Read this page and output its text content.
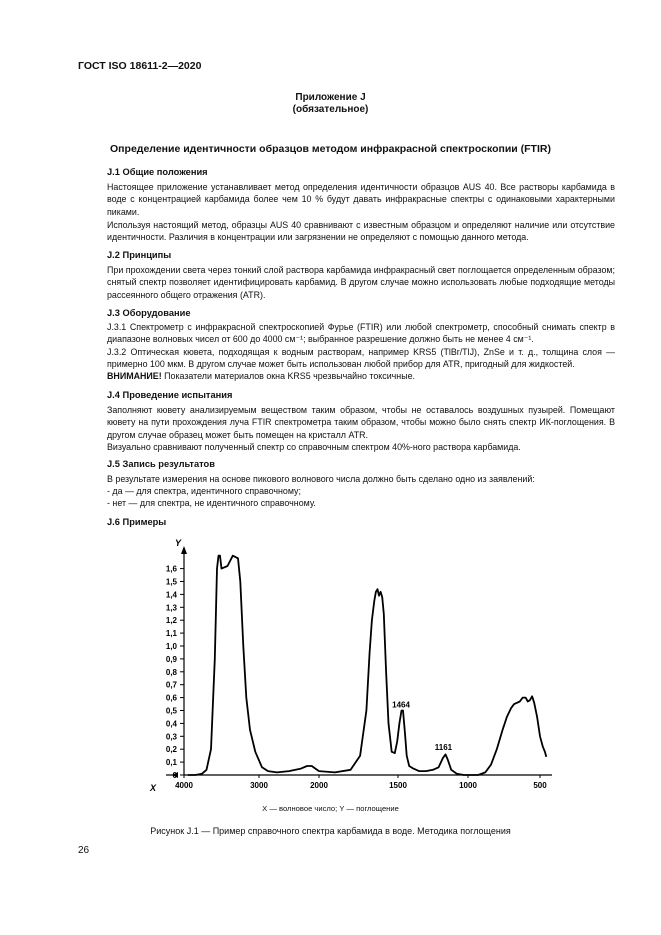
ГОСТ ISO 18611-2—2020
Приложение J
(обязательное)
Определение идентичности образцов методом инфракрасной спектроскопии (FTIR)
J.1 Общие положения
Настоящее приложение устанавливает метод определения идентичности образцов AUS 40. Все растворы карбамида в воде с концентрацией карбамида более чем 10 % будут давать инфракрасные спектры с одинаковыми характерными пиками.
Используя настоящий метод, образцы AUS 40 сравнивают с известным образцом и определяют наличие или отсутствие идентичности. Различия в концентрации или загрязнении не определяют с помощью данного метода.
J.2 Принципы
При прохождении света через тонкий слой раствора карбамида инфракрасный свет поглощается определенным образом; снятый спектр позволяет идентифицировать карбамид. В другом случае можно использовать любые подходящие методы рассеянного общего отражения (ATR).
J.3 Оборудование
J.3.1 Спектрометр с инфракрасной спектроскопией Фурье (FTIR) или любой спектрометр, способный снимать спектр в диапазоне волновых чисел от 600 до 4000 см⁻¹; выбранное разрешение должно быть не менее 4 см⁻¹.
J.3.2 Оптическая кювета, подходящая к водным растворам, например KRS5 (TlBr/TlJ), ZnSe и т. д., толщина слоя — примерно 100 мкм. В другом случае может быть использован любой прибор для ATR, пригодный для жидкостей.
ВНИМАНИЕ! Показатели материалов окна KRS5 чрезвычайно токсичные.
J.4 Проведение испытания
Заполняют кювету анализируемым веществом таким образом, чтобы не оставалось воздушных пузырей. Помещают кювету на пути прохождения луча FTIR спектрометра таким образом, чтобы можно было снять спектр ИК-поглощения. В другом случае образец может быть помещен на кристалл ATR.
Визуально сравнивают полученный спектр со справочным спектром 40%-ного раствора карбамида.
J.5 Запись результатов
В результате измерения на основе пикового волнового числа должно быть сделано одно из заявлений:
- да — для спектра, идентичного справочному;
- нет — для спектра, не идентичного справочному.
J.6 Примеры
Y
X
0
0,1
0,2
0,3
0,4
0,5
0,6
0,7
0,8
0,9
1,0
1,1
1,2
1,3
1,4
1,5
1,6
4000	3000	2000	1500	1000	500
1464
1161
X — волновое число; Y — поглощение
Рисунок J.1 — Пример справочного спектра карбамида в воде. Методика поглощения
26
